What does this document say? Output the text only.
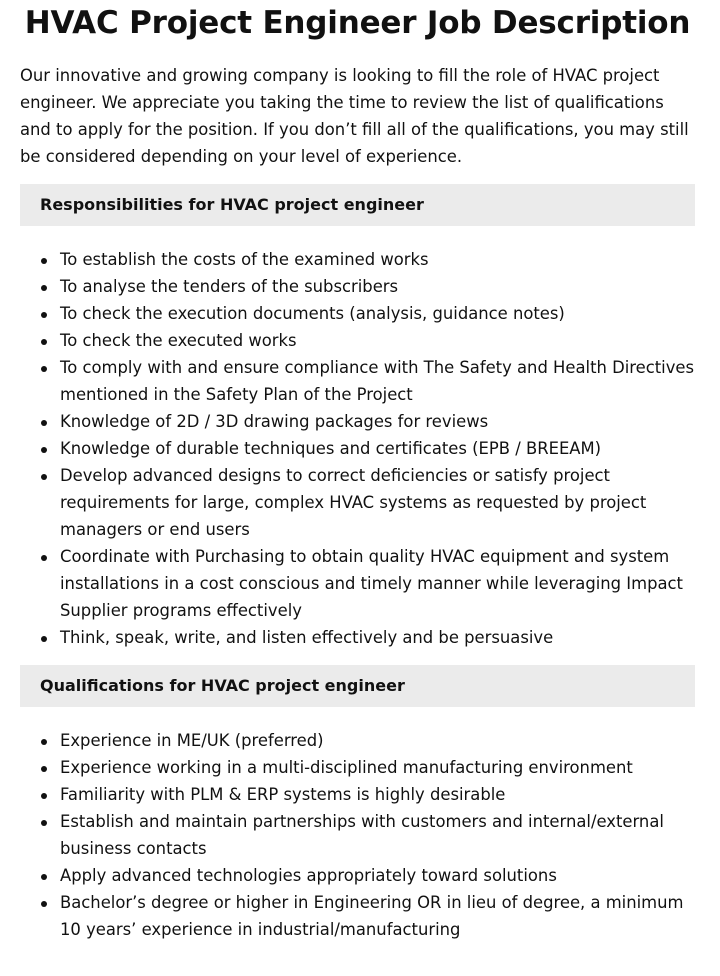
HVAC Project Engineer Job Description

Our innovative and growing company is looking to fill the role of HVAC project engineer. We appreciate you taking the time to review the list of qualifications and to apply for the position. If you don’t fill all of the qualifications, you may still be considered depending on your level of experience.

Responsibilities for HVAC project engineer
To establish the costs of the examined works
To analyse the tenders of the subscribers
To check the execution documents (analysis, guidance notes)
To check the executed works
To comply with and ensure compliance with The Safety and Health Directives mentioned in the Safety Plan of the Project
Knowledge of 2D / 3D drawing packages for reviews
Knowledge of durable techniques and certificates (EPB / BREEAM)
Develop advanced designs to correct deficiencies or satisfy project requirements for large, complex HVAC systems as requested by project managers or end users
Coordinate with Purchasing to obtain quality HVAC equipment and system installations in a cost conscious and timely manner while leveraging Impact Supplier programs effectively
Think, speak, write, and listen effectively and be persuasive
Qualifications for HVAC project engineer
Experience in ME/UK (preferred)
Experience working in a multi-disciplined manufacturing environment
Familiarity with PLM & ERP systems is highly desirable
Establish and maintain partnerships with customers and internal/external business contacts
Apply advanced technologies appropriately toward solutions
Bachelor’s degree or higher in Engineering OR in lieu of degree, a minimum 10 years’ experience in industrial/manufacturing
